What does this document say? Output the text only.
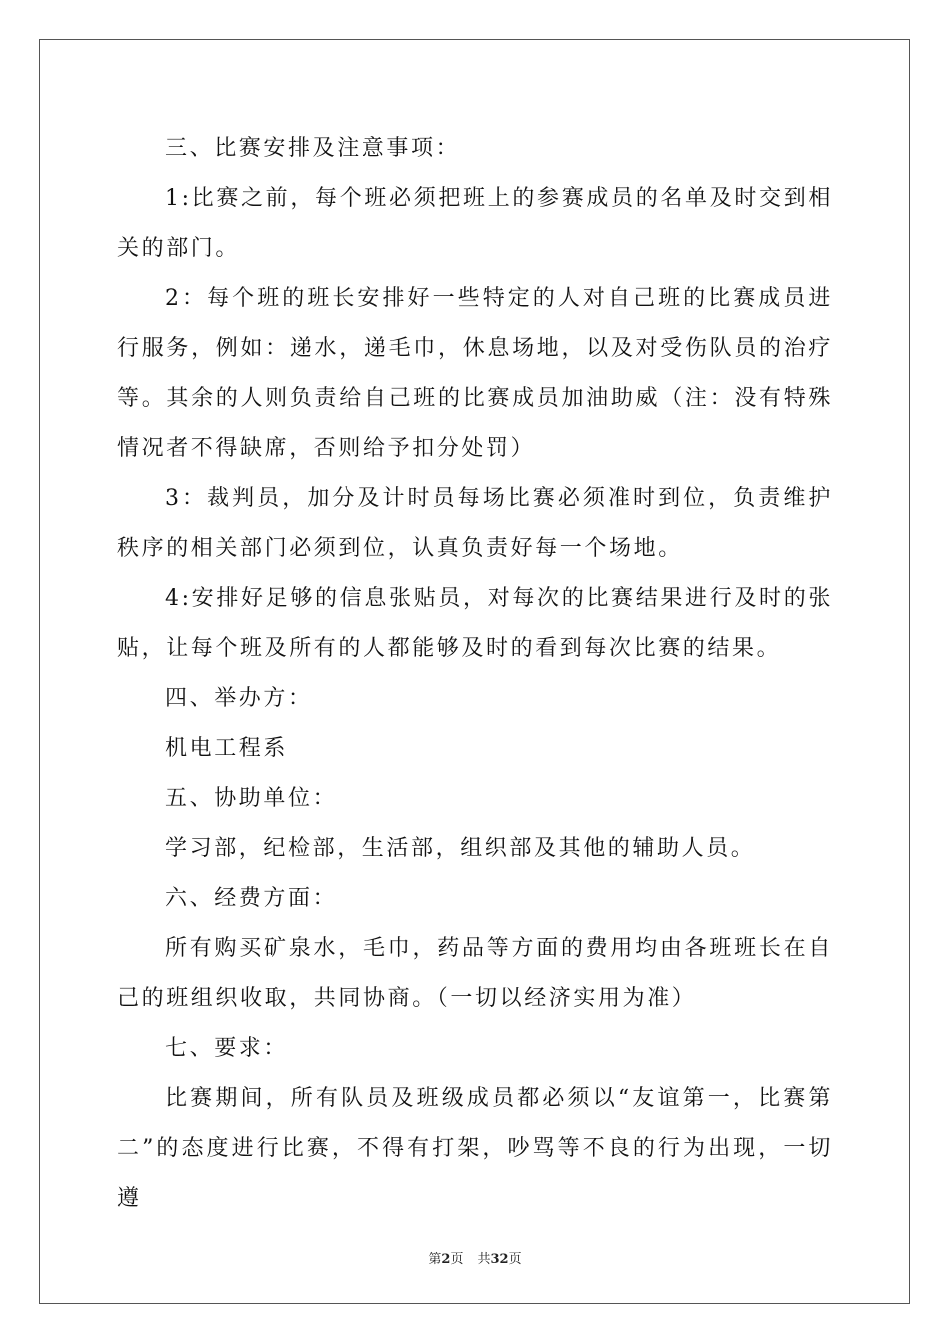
三、比赛安排及注意事项：

1:比赛之前，每个班必须把班上的参赛成员的名单及时交到相关的部门。

2：每个班的班长安排好一些特定的人对自己班的比赛成员进行服务，例如：递水，递毛巾，休息场地，以及对受伤队员的治疗等。其余的人则负责给自己班的比赛成员加油助威（注：没有特殊情况者不得缺席，否则给予扣分处罚）

3：裁判员，加分及计时员每场比赛必须准时到位，负责维护秩序的相关部门必须到位，认真负责好每一个场地。

4:安排好足够的信息张贴员，对每次的比赛结果进行及时的张贴，让每个班及所有的人都能够及时的看到每次比赛的结果。

四、举办方：

机电工程系

五、协助单位：

学习部，纪检部，生活部，组织部及其他的辅助人员。

六、经费方面：

所有购买矿泉水，毛巾，药品等方面的费用均由各班班长在自己的班组织收取，共同协商。（一切以经济实用为准）

七、要求：

比赛期间，所有队员及班级成员都必须以“友谊第一，比赛第二”的态度进行比赛，不得有打架，吵骂等不良的行为出现，一切遵

第2页 共32页
